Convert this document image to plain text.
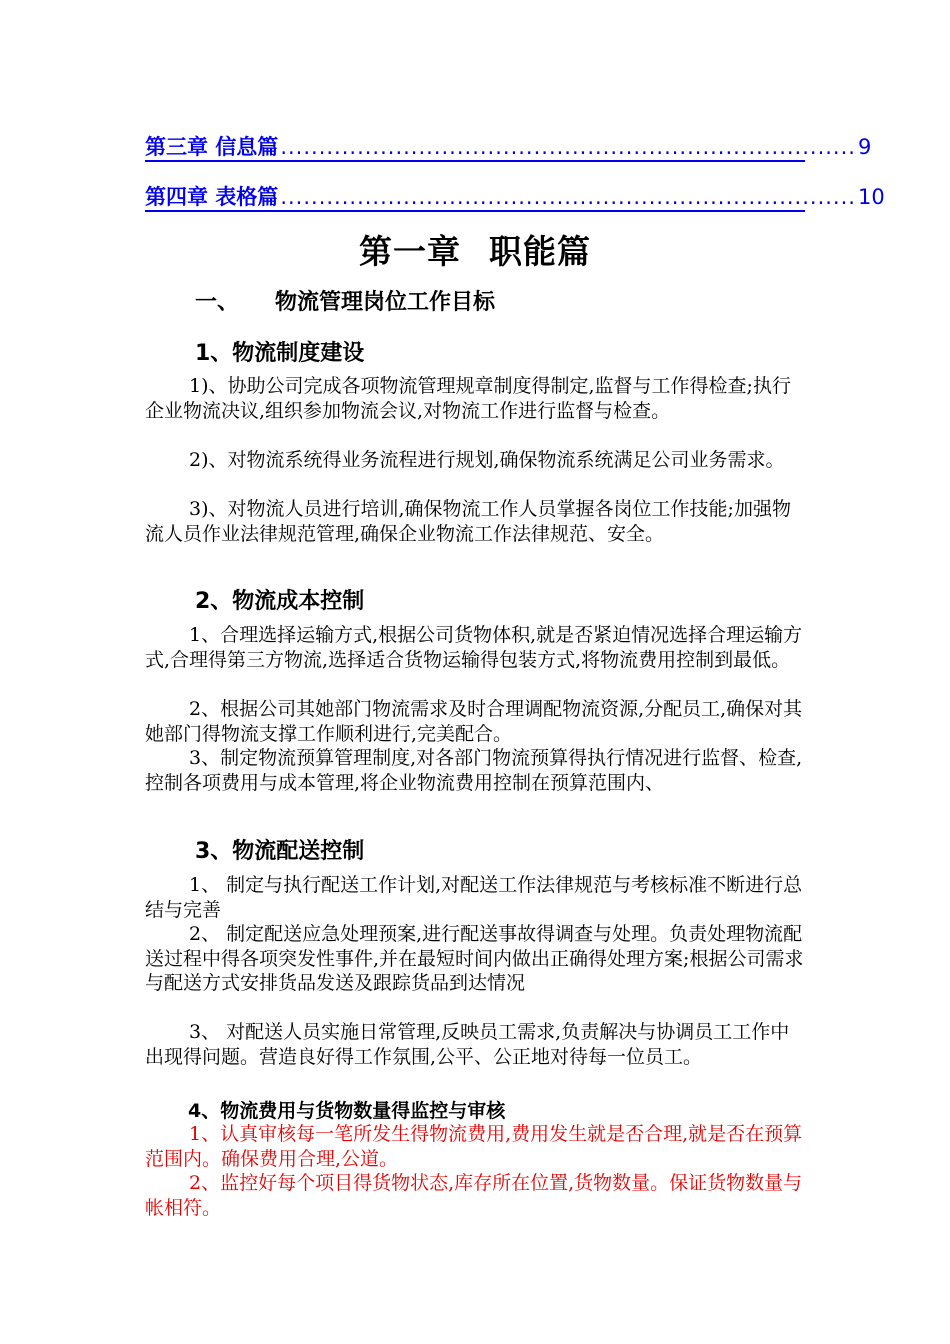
第三章 信息篇 ........................................................................... 9
第四章 表格篇 ........................................................................... 10
第一章 职能篇
一、 物流管理岗位工作目标
1、物流制度建设

1)、协助公司完成各项物流管理规章制度得制定,监督与工作得检查;执行企业物流决议,组织参加物流会议,对物流工作进行监督与检查。

2)、对物流系统得业务流程进行规划,确保物流系统满足公司业务需求。

3)、对物流人员进行培训,确保物流工作人员掌握各岗位工作技能;加强物流人员作业法律规范管理,确保企业物流工作法律规范、安全。

2、物流成本控制

1、合理选择运输方式,根据公司货物体积,就是否紧迫情况选择合理运输方式,合理得第三方物流,选择适合货物运输得包装方式,将物流费用控制到最低。

2、根据公司其她部门物流需求及时合理调配物流资源,分配员工,确保对其她部门得物流支撑工作顺利进行,完美配合。

3、制定物流预算管理制度,对各部门物流预算得执行情况进行监督、检查,控制各项费用与成本管理,将企业物流费用控制在预算范围内、

3、物流配送控制

1、 制定与执行配送工作计划,对配送工作法律规范与考核标准不断进行总结与完善

2、 制定配送应急处理预案,进行配送事故得调查与处理。负责处理物流配送过程中得各项突发性事件,并在最短时间内做出正确得处理方案;根据公司需求与配送方式安排货品发送及跟踪货品到达情况

3、 对配送人员实施日常管理,反映员工需求,负责解决与协调员工工作中出现得问题。营造良好得工作氛围,公平、公正地对待每一位员工。

4、物流费用与货物数量得监控与审核

1、认真审核每一笔所发生得物流费用,费用发生就是否合理,就是否在预算范围内。确保费用合理,公道。

2、监控好每个项目得货物状态,库存所在位置,货物数量。保证货物数量与帐相符。
